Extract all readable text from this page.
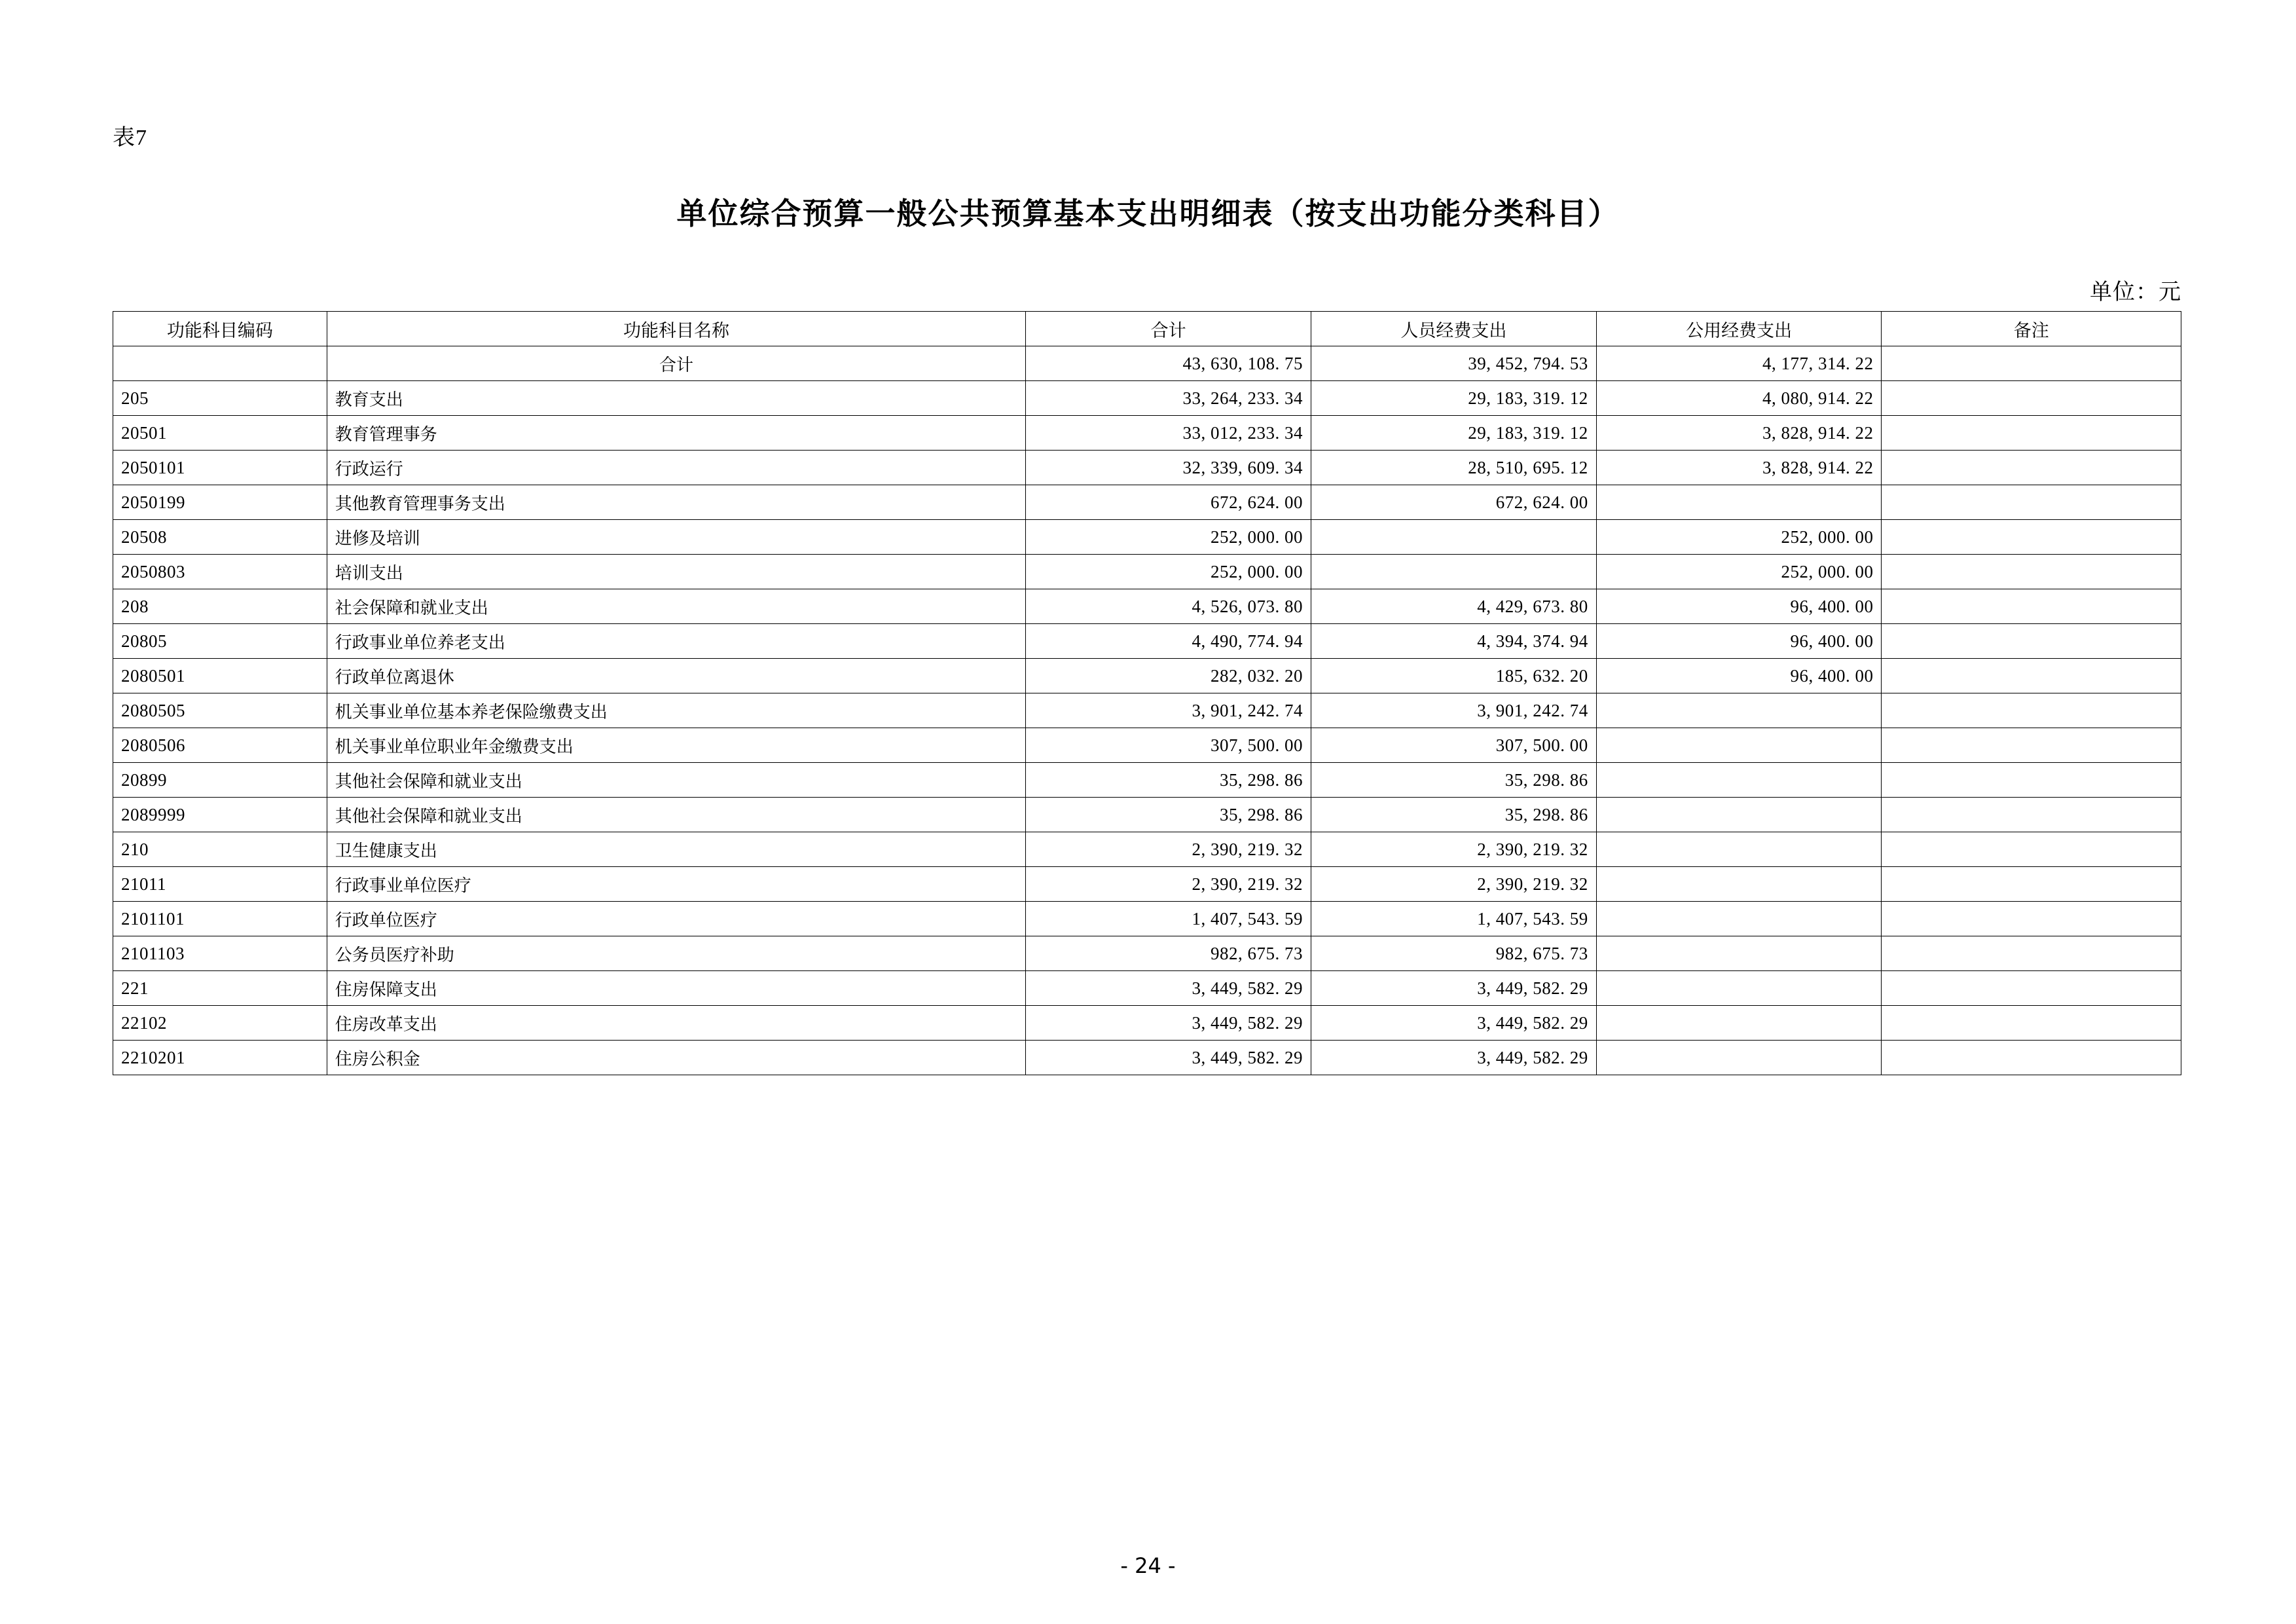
表7
单位综合预算一般公共预算基本支出明细表（按支出功能分类科目）
单位：元
功能科目编码	功能科目名称	合计	人员经费支出	公用经费支出	备注
	合计	43, 630, 108. 75	39, 452, 794. 53	4, 177, 314. 22	
205	教育支出	33, 264, 233. 34	29, 183, 319. 12	4, 080, 914. 22	
20501	教育管理事务	33, 012, 233. 34	29, 183, 319. 12	3, 828, 914. 22	
2050101	行政运行	32, 339, 609. 34	28, 510, 695. 12	3, 828, 914. 22	
2050199	其他教育管理事务支出	672, 624. 00	672, 624. 00		
20508	进修及培训	252, 000. 00		252, 000. 00	
2050803	培训支出	252, 000. 00		252, 000. 00	
208	社会保障和就业支出	4, 526, 073. 80	4, 429, 673. 80	96, 400. 00	
20805	行政事业单位养老支出	4, 490, 774. 94	4, 394, 374. 94	96, 400. 00	
2080501	行政单位离退休	282, 032. 20	185, 632. 20	96, 400. 00	
2080505	机关事业单位基本养老保险缴费支出	3, 901, 242. 74	3, 901, 242. 74		
2080506	机关事业单位职业年金缴费支出	307, 500. 00	307, 500. 00		
20899	其他社会保障和就业支出	35, 298. 86	35, 298. 86		
2089999	其他社会保障和就业支出	35, 298. 86	35, 298. 86		
210	卫生健康支出	2, 390, 219. 32	2, 390, 219. 32		
21011	行政事业单位医疗	2, 390, 219. 32	2, 390, 219. 32		
2101101	行政单位医疗	1, 407, 543. 59	1, 407, 543. 59		
2101103	公务员医疗补助	982, 675. 73	982, 675. 73		
221	住房保障支出	3, 449, 582. 29	3, 449, 582. 29		
22102	住房改革支出	3, 449, 582. 29	3, 449, 582. 29		
2210201	住房公积金	3, 449, 582. 29	3, 449, 582. 29		
- 24 -
